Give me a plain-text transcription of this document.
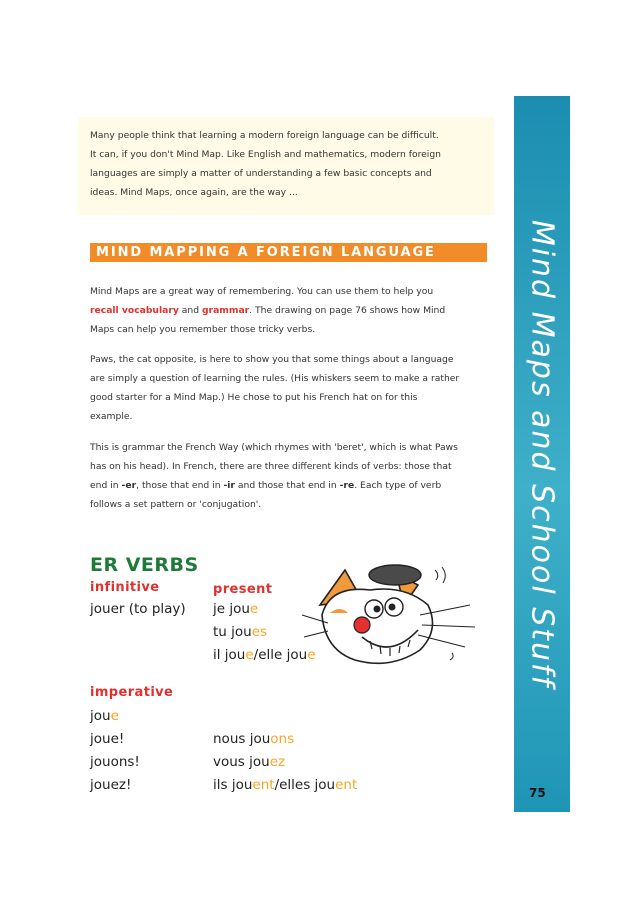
Many people think that learning a modern foreign language can be difficult.
It can, if you don't Mind Map. Like English and mathematics, modern foreign
languages are simply a matter of understanding a few basic concepts and
ideas. Mind Maps, once again, are the way ...
MIND MAPPING A FOREIGN LANGUAGE
Mind Maps are a great way of remembering. You can use them to help you
recall vocabulary and grammar. The drawing on page 76 shows how Mind
Maps can help you remember those tricky verbs.
Paws, the cat opposite, is here to show you that some things about a language
are simply a question of learning the rules. (His whiskers seem to make a rather
good starter for a Mind Map.) He chose to put his French hat on for this
example.
This is grammar the French Way (which rhymes with 'beret', which is what Paws
has on his head). In French, there are three different kinds of verbs: those that
end in -er, those that end in -ir and those that end in -re. Each type of verb
follows a set pattern or 'conjugation'.
ER VERBS
infinitive	present
jouer (to play) je joue
tu joues
il joue/elle joue
imperative
joue
joue!
jouons!
jouez!
nous jouons
vous jouez
ils jouent/elles jouent
Mind Maps and School Stuff
75
